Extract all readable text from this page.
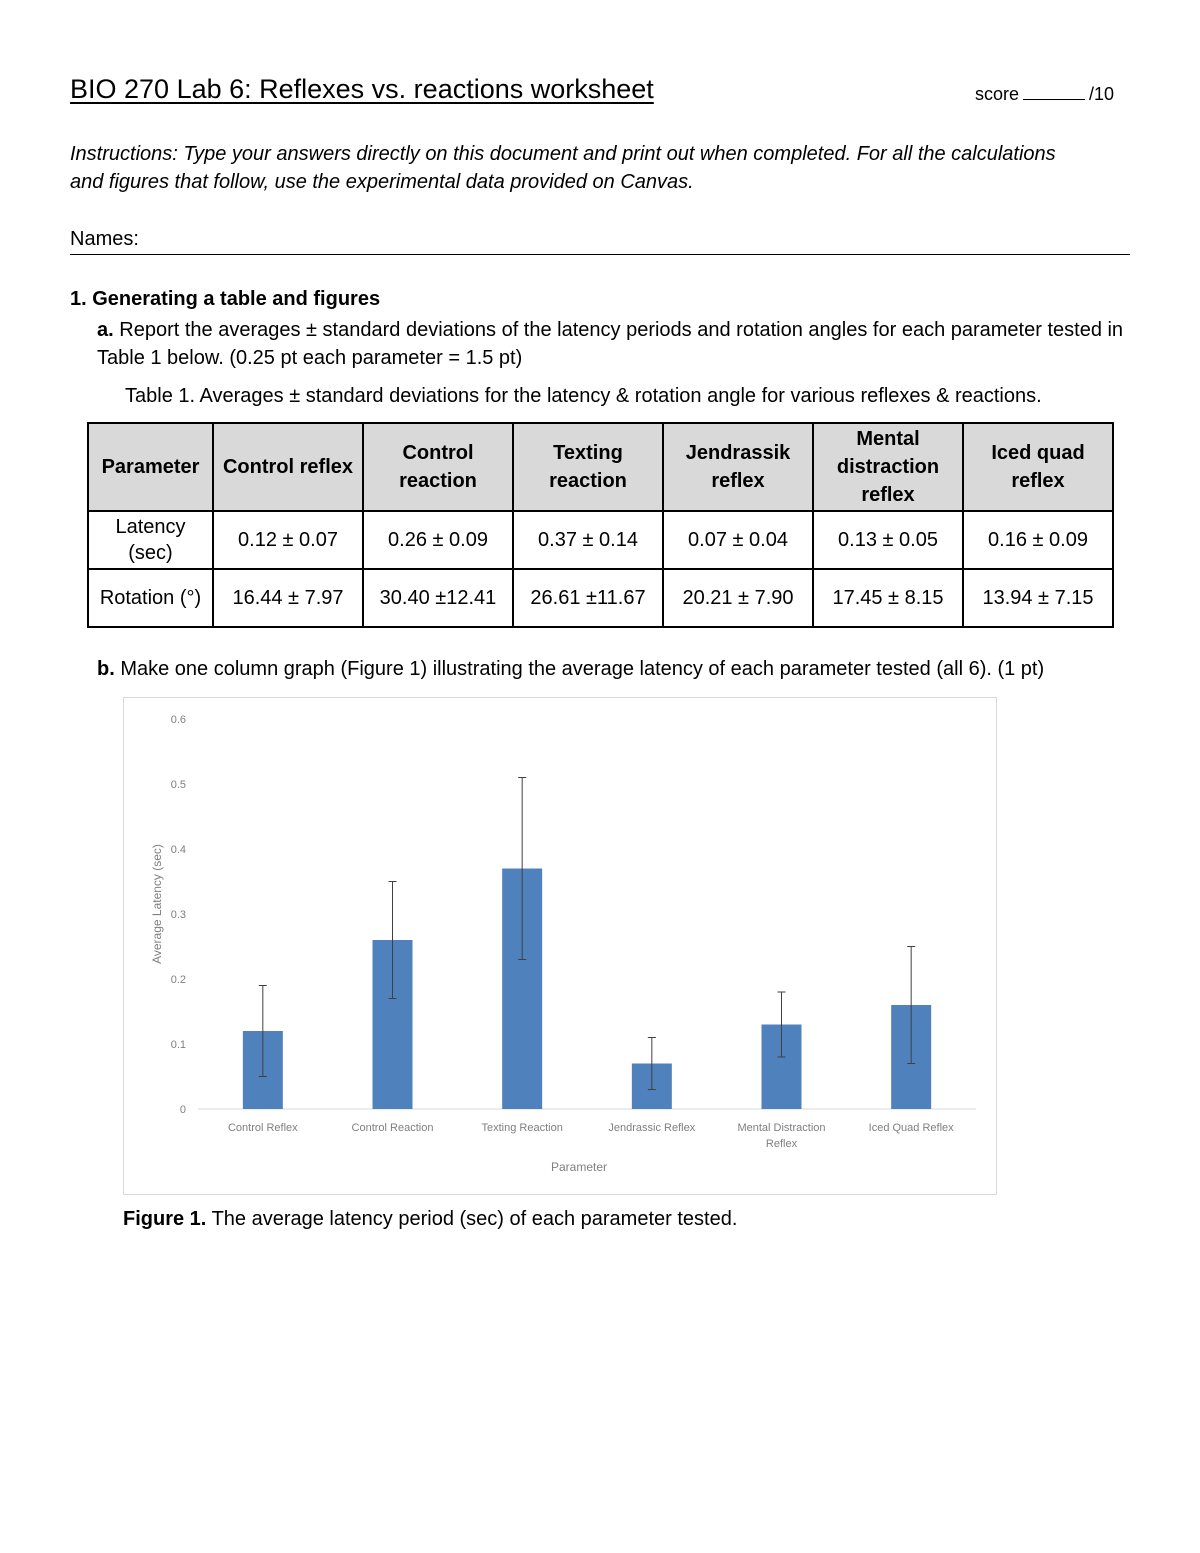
BIO 270 Lab 6: Reflexes vs. reactions worksheet	score	/10
Instructions: Type your answers directly on this document and print out when completed. For all the calculations and figures that follow, use the experimental data provided on Canvas.
Names:
1. Generating a table and figures
a. Report the averages ± standard deviations of the latency periods and rotation angles for each parameter tested in Table 1 below. (0.25 pt each parameter = 1.5 pt)
Table 1. Averages ± standard deviations for the latency & rotation angle for various reflexes & reactions.
Parameter	Control reflex	Control reaction	Texting reaction	Jendrassik reflex	Mental distraction reflex	Iced quad reflex
Latency (sec)	0.12 ± 0.07	0.26 ± 0.09	0.37 ± 0.14	0.07 ± 0.04	0.13 ± 0.05	0.16 ± 0.09
Rotation (°)	16.44 ± 7.97	30.40 ±12.41	26.61 ±11.67	20.21 ± 7.90	17.45 ± 8.15	13.94 ± 7.15
b. Make one column graph (Figure 1) illustrating the average latency of each parameter tested (all 6). (1 pt)
0
0.1
0.2
0.3
0.4
0.5
0.6
Control Reflex	Control Reaction	Texting Reaction	Jendrassic Reflex	Mental Distraction Reflex
Iced Quad Reflex
Parameter
Average Latency (sec)
Figure 1. The average latency period (sec) of each parameter tested.
